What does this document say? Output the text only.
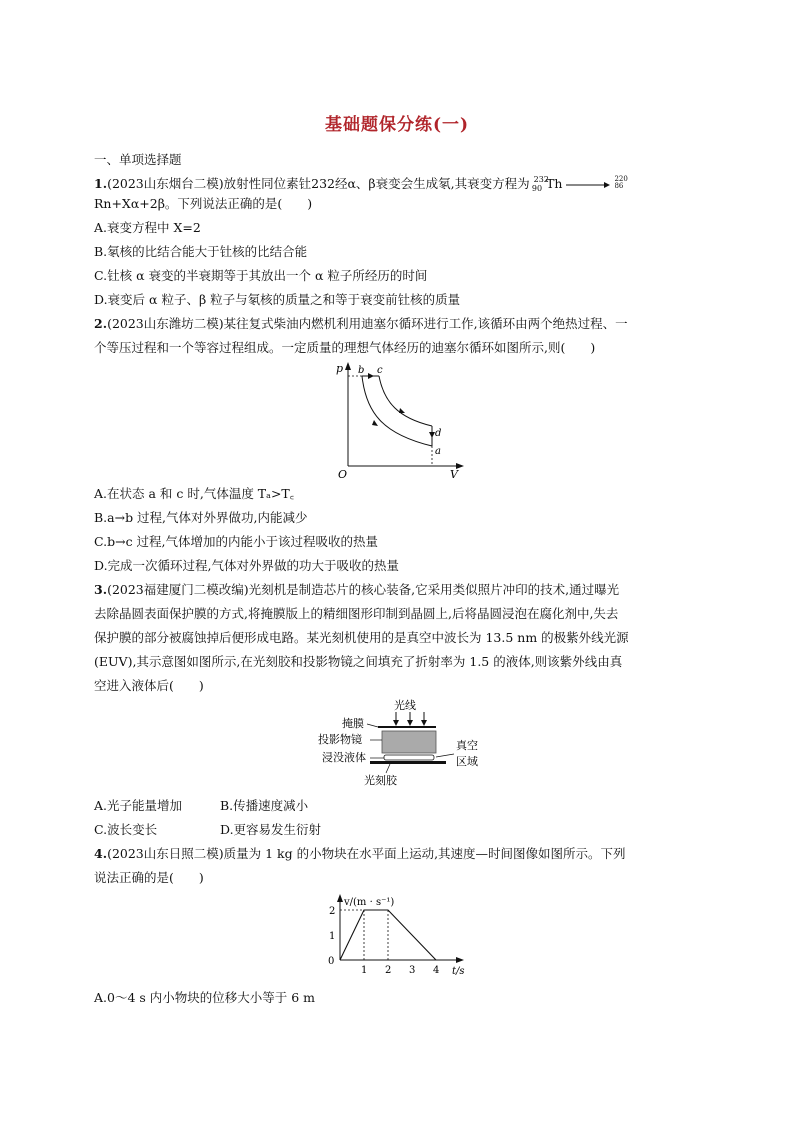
基础题保分练(一)
一、单项选择题
1.(2023山东烟台二模)放射性同位素钍232经α、β衰变会生成氡,其衰变方程为 $^{232}_{90}$ Th →
220
86
Rn+Xα+2β。下列说法正确的是(　　)
A.衰变方程中 X=2
B.氡核的比结合能大于钍核的比结合能
C.钍核 α 衰变的半衰期等于其放出一个 α 粒子所经历的时间
D.衰变后 α 粒子、β 粒子与氡核的质量之和等于衰变前钍核的质量
2.(2023山东潍坊二模)某往复式柴油内燃机利用迪塞尔循环进行工作,该循环由两个绝热过程、一
个等压过程和一个等容过程组成。一定质量的理想气体经历的迪塞尔循环如图所示,则(　　)
p
V
O
b c
d
a
A.在状态 a 和 c 时,气体温度 Tₐ>T꜀
B.a→b 过程,气体对外界做功,内能减少
C.b→c 过程,气体增加的内能小于该过程吸收的热量
D.完成一次循环过程,气体对外界做的功大于吸收的热量
3.(2023福建厦门二模改编)光刻机是制造芯片的核心装备,它采用类似照片冲印的技术,通过曝光
去除晶圆表面保护膜的方式,将掩膜版上的精细图形印制到晶圆上,后将晶圆浸泡在腐化剂中,失去
保护膜的部分被腐蚀掉后便形成电路。某光刻机使用的是真空中波长为 13.5 nm 的极紫外线光源
(EUV),其示意图如图所示,在光刻胶和投影物镜之间填充了折射率为 1.5 的液体,则该紫外线由真
空进入液体后(　　)
光线
掩膜
投影物镜
浸没液体
光刻胶
真空
区域
A.光子能量增加	B.传播速度减小
C.波长变长	D.更容易发生衍射
4.(2023山东日照二模)质量为 1 kg 的小物块在水平面上运动,其速度—时间图像如图所示。下列
说法正确的是(　　)
v/(m · s⁻¹)
t/s
0
1
2
1 2 3 4
A.0～4 s 内小物块的位移大小等于 6 m
